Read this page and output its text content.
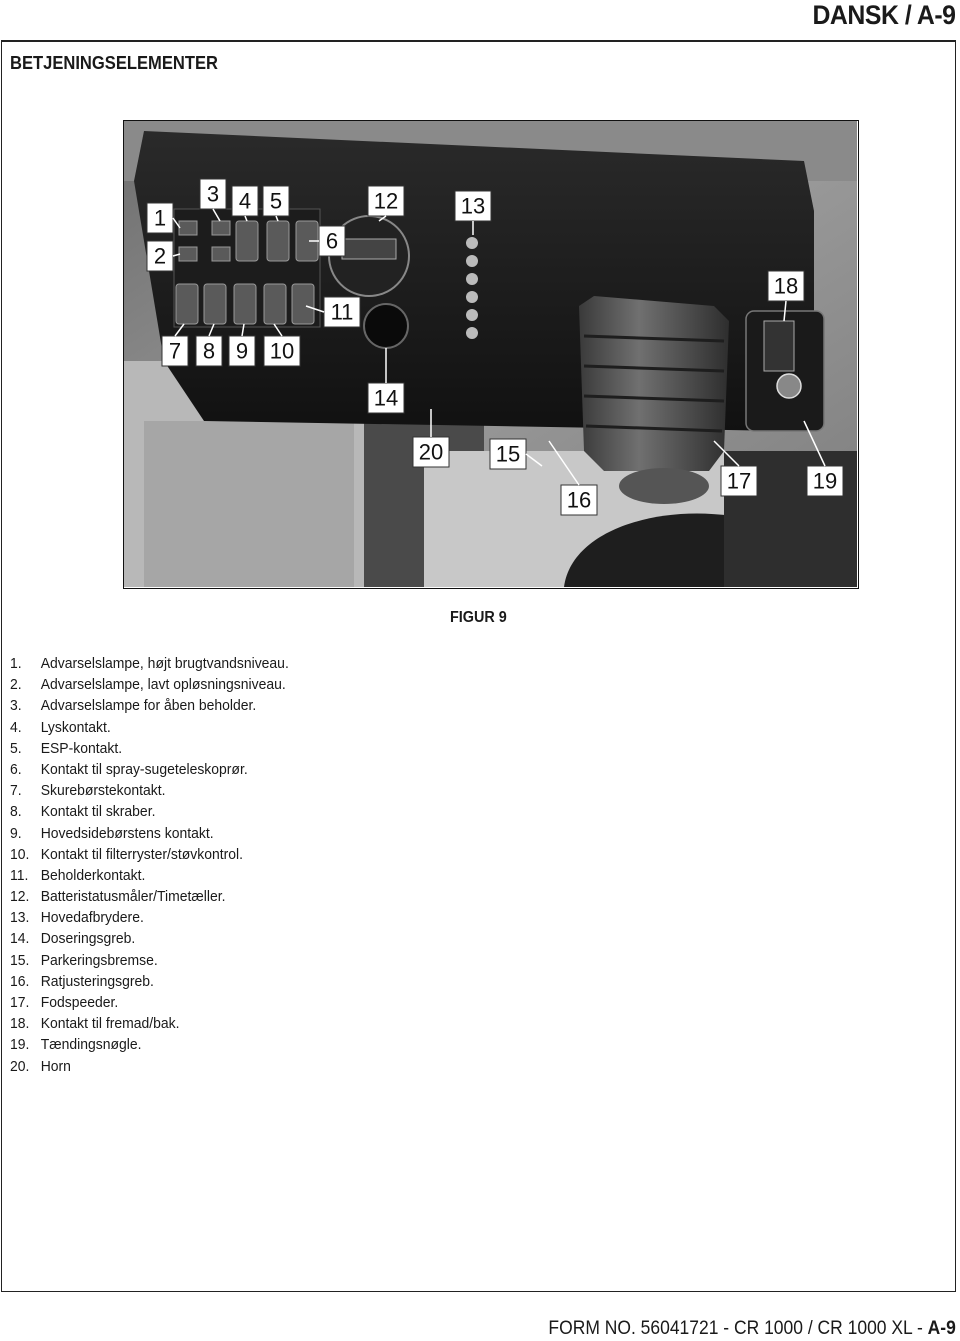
DANSK / A-9
BETJENINGSELEMENTER
1
2
3 4 5
6
7 8 9 10
11
12	13
14
15
16
17
18
19
20
FIGUR 9
1. Advarselslampe, højt brugtvandsniveau.
2. Advarselslampe, lavt opløsningsniveau.
3. Advarselslampe for åben beholder.
4. Lyskontakt.
5. ESP-kontakt.
6. Kontakt til spray-sugeteleskoprør.
7. Skurebørstekontakt.
8. Kontakt til skraber.
9. Hovedsidebørstens kontakt.
10. Kontakt til filterryster/støvkontrol.
11. Beholderkontakt.
12. Batteristatusmåler/Timetæller.
13. Hovedafbrydere.
14. Doseringsgreb.
15. Parkeringsbremse.
16. Ratjusteringsgreb.
17. Fodspeeder.
18. Kontakt til fremad/bak.
19. Tændingsnøgle.
20. Horn
FORM NO. 56041721 - CR 1000 / CR 1000 XL - A-9
